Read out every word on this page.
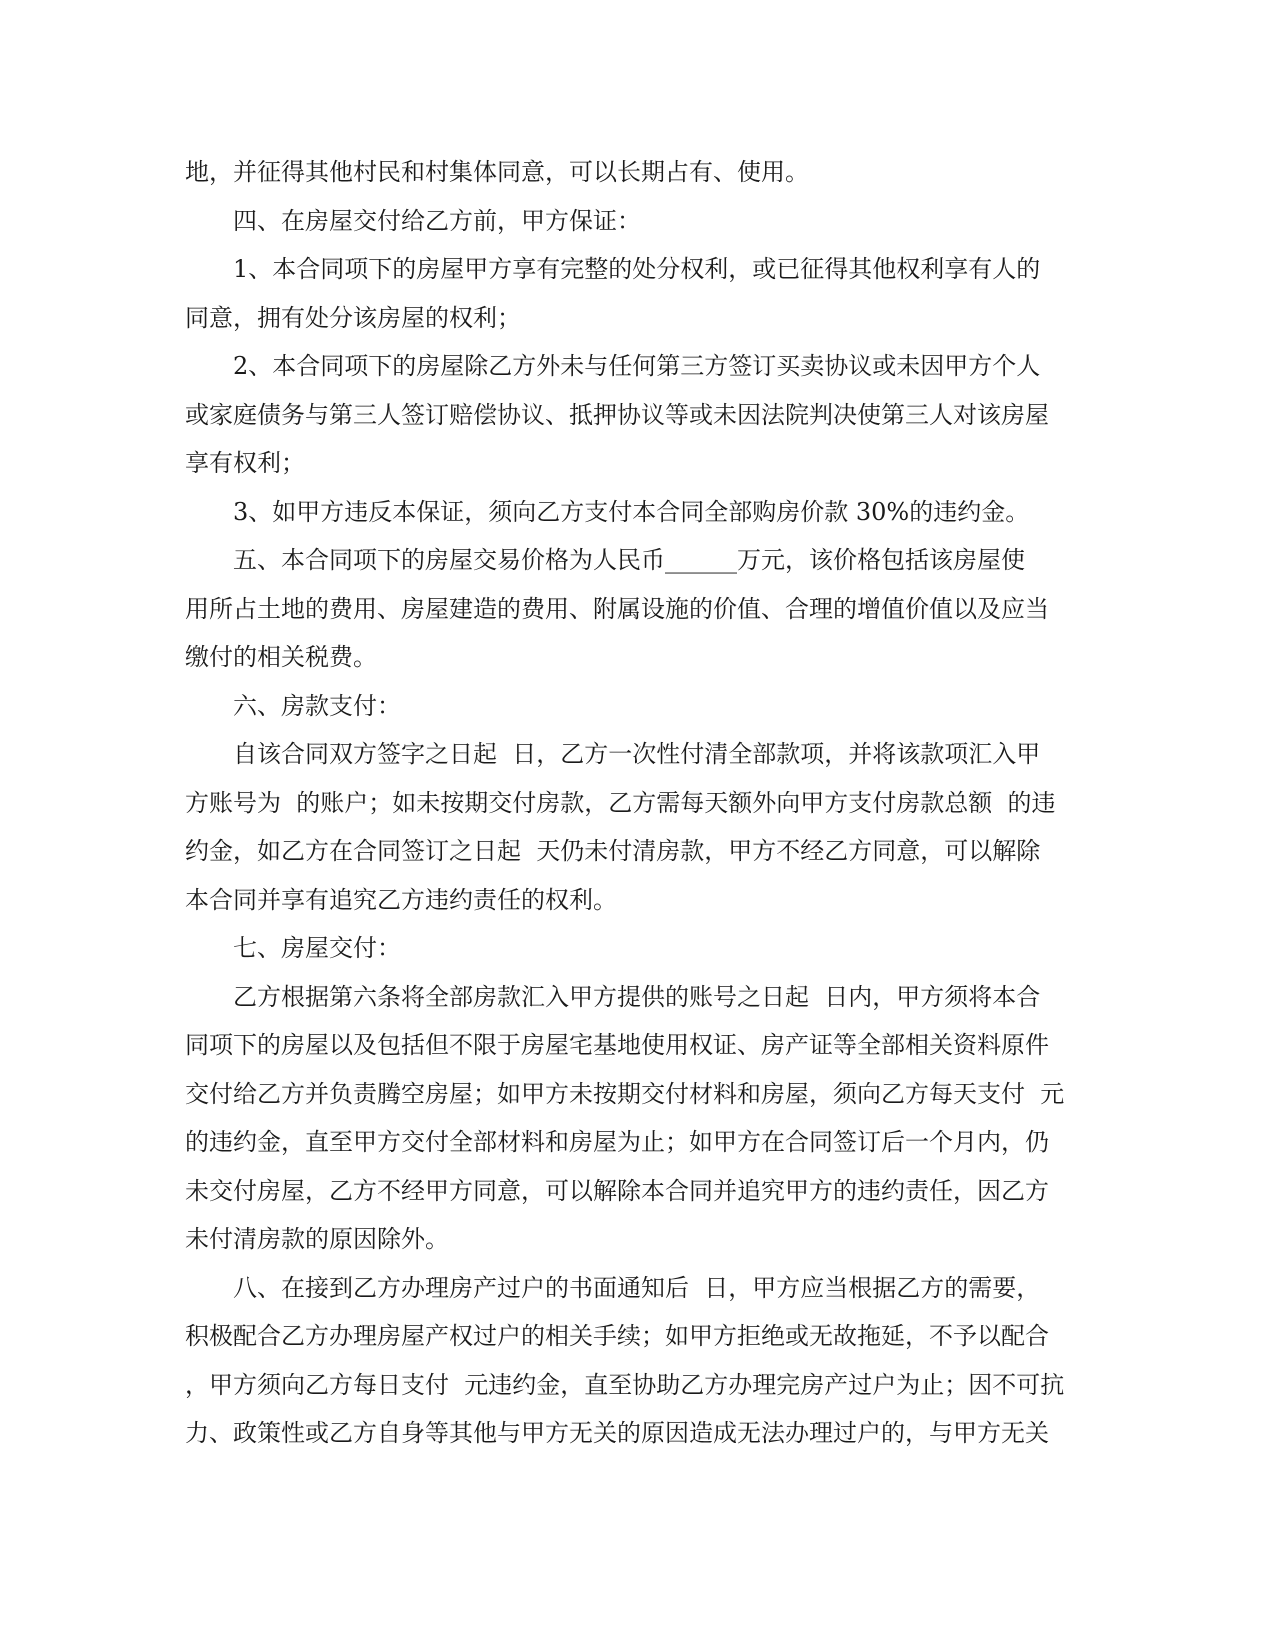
地，并征得其他村民和村集体同意，可以长期占有、使用。
四、在房屋交付给乙方前，甲方保证：
1、本合同项下的房屋甲方享有完整的处分权利，或已征得其他权利享有人的
同意，拥有处分该房屋的权利；
2、本合同项下的房屋除乙方外未与任何第三方签订买卖协议或未因甲方个人
或家庭债务与第三人签订赔偿协议、抵押协议等或未因法院判决使第三人对该房屋
享有权利；
3、如甲方违反本保证，须向乙方支付本合同全部购房价款 30%的违约金。
五、本合同项下的房屋交易价格为人民币______万元，该价格包括该房屋使
用所占土地的费用、房屋建造的费用、附属设施的价值、合理的增值价值以及应当
缴付的相关税费。
六、房款支付：
自该合同双方签字之日起  日，乙方一次性付清全部款项，并将该款项汇入甲
方账号为  的账户；如未按期交付房款，乙方需每天额外向甲方支付房款总额  的违
约金，如乙方在合同签订之日起  天仍未付清房款，甲方不经乙方同意，可以解除
本合同并享有追究乙方违约责任的权利。
七、房屋交付：
乙方根据第六条将全部房款汇入甲方提供的账号之日起  日内，甲方须将本合
同项下的房屋以及包括但不限于房屋宅基地使用权证、房产证等全部相关资料原件
交付给乙方并负责腾空房屋；如甲方未按期交付材料和房屋，须向乙方每天支付  元
的违约金，直至甲方交付全部材料和房屋为止；如甲方在合同签订后一个月内，仍
未交付房屋，乙方不经甲方同意，可以解除本合同并追究甲方的违约责任，因乙方
未付清房款的原因除外。
八、在接到乙方办理房产过户的书面通知后  日，甲方应当根据乙方的需要，
积极配合乙方办理房屋产权过户的相关手续；如甲方拒绝或无故拖延，不予以配合
，甲方须向乙方每日支付  元违约金，直至协助乙方办理完房产过户为止；因不可抗
力、政策性或乙方自身等其他与甲方无关的原因造成无法办理过户的，与甲方无关
